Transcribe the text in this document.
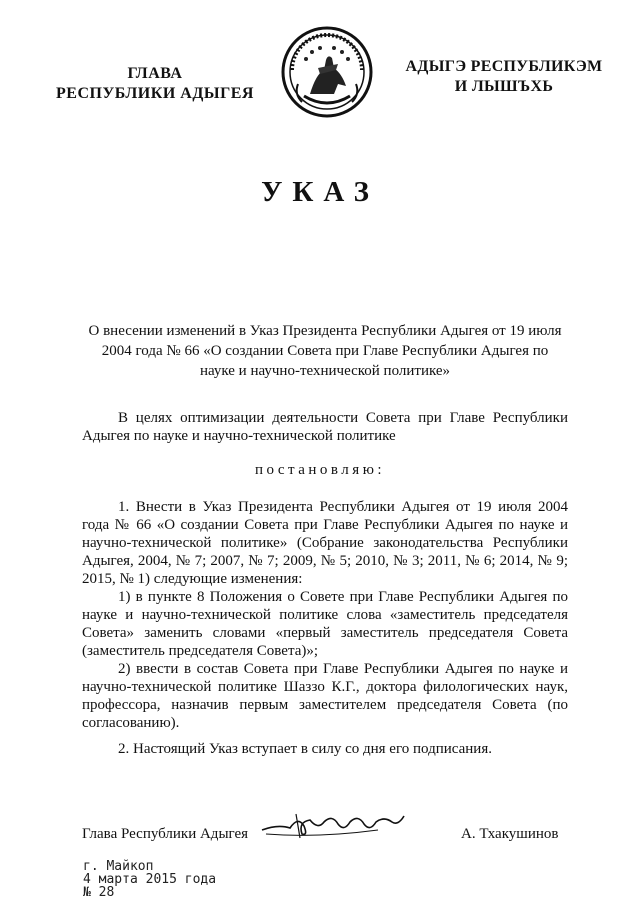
ГЛАВА
РЕСПУБЛИКИ АДЫГЕЯ
АДЫГЭ РЕСПУБЛИКЭМ
И ЛЫШЪХЬ
УКАЗ
О внесении изменений в Указ Президента Республики Адыгея от 19 июля
2004 года № 66 «О создании Совета при Главе Республики Адыгея по
науке и научно-технической политике»

В целях оптимизации деятельности Совета при Главе Республики Адыгея по науке и научно-технической политике

постановляю:

1. Внести в Указ Президента Республики Адыгея от 19 июля 2004 года № 66 «О создании Совета при Главе Республики Адыгея по науке и научно-технической политике» (Собрание законодательства Республики Адыгея, 2004, № 7; 2007, № 7; 2009, № 5; 2010, № 3; 2011, № 6; 2014, № 9; 2015, № 1) следующие изменения:

1) в пункте 8 Положения о Совете при Главе Республики Адыгея по науке и научно-технической политике слова «заместитель председателя Совета» заменить словами «первый заместитель председателя Совета (заместитель председателя Совета)»;

2) ввести в состав Совета при Главе Республики Адыгея по науке и научно-технической политике Шаззо К.Г., доктора филологических наук, профессора, назначив первым заместителем председателя Совета (по согласованию).

2. Настоящий Указ вступает в силу со дня его подписания.

Глава Республики Адыгея	А. Тхакушинов
г. Майкоп
4 марта 2015 года
№ 28
